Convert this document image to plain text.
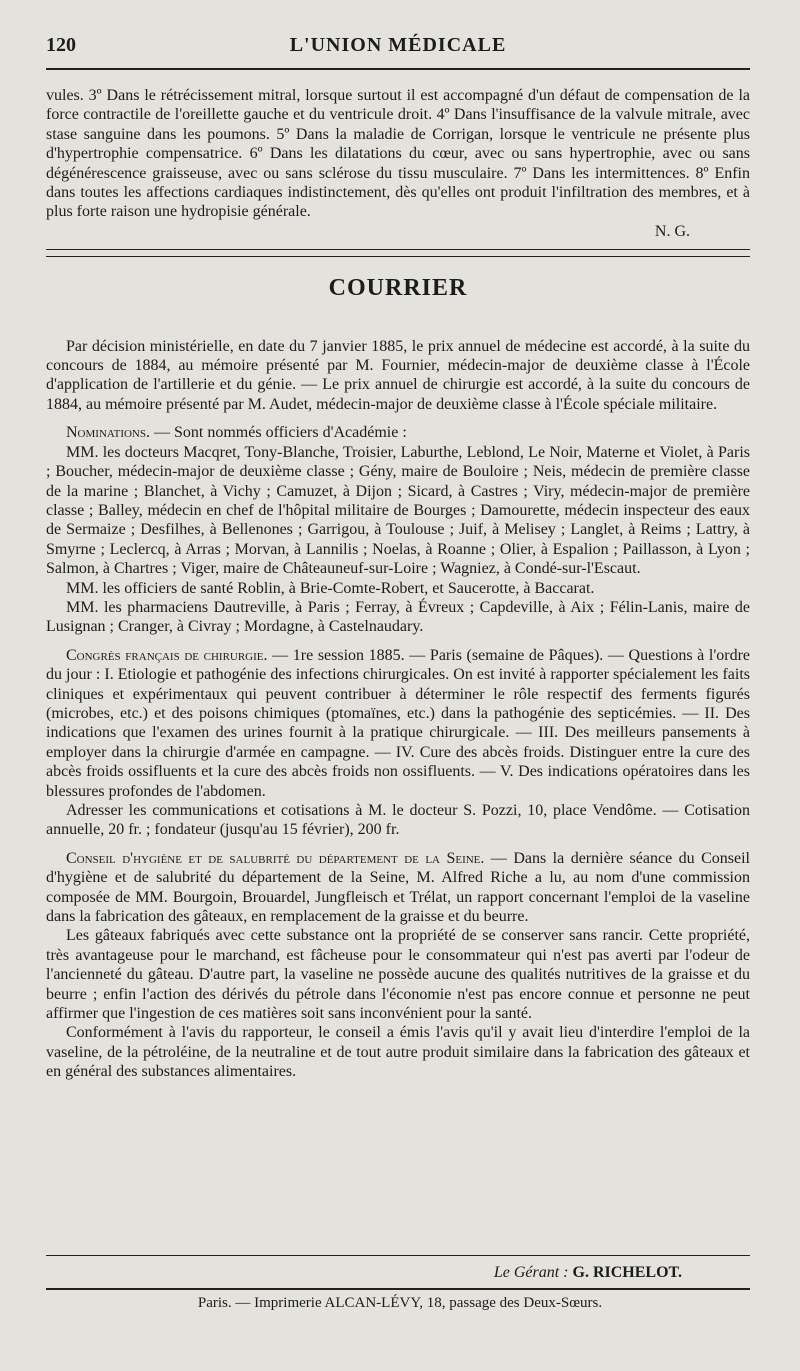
120	L'UNION MÉDICALE

vules. 3º Dans le rétrécissement mitral, lorsque surtout il est accompagné d'un défaut de compensation de la force contractile de l'oreillette gauche et du ventricule droit. 4º Dans l'insuffisance de la valvule mitrale, avec stase sanguine dans les poumons. 5º Dans la maladie de Corrigan, lorsque le ventricule ne présente plus d'hypertrophie compensatrice. 6º Dans les dilatations du cœur, avec ou sans hypertrophie, avec ou sans dégénérescence graisseuse, avec ou sans sclérose du tissu musculaire. 7º Dans les intermittences. 8º Enfin dans toutes les affections cardiaques indistinctement, dès qu'elles ont produit l'infiltration des membres, et à plus forte raison une hydropisie générale.

N. G.

COURRIER

Par décision ministérielle, en date du 7 janvier 1885, le prix annuel de médecine est accordé, à la suite du concours de 1884, au mémoire présenté par M. Fournier, médecin-major de deuxième classe à l'École d'application de l'artillerie et du génie. — Le prix annuel de chirurgie est accordé, à la suite du concours de 1884, au mémoire présenté par M. Audet, médecin-major de deuxième classe à l'École spéciale militaire.

Nominations. — Sont nommés officiers d'Académie :

MM. les docteurs Macqret, Tony-Blanche, Troisier, Laburthe, Leblond, Le Noir, Materne et Violet, à Paris ; Boucher, médecin-major de deuxième classe ; Gény, maire de Bouloire ; Neis, médecin de première classe de la marine ; Blanchet, à Vichy ; Camuzet, à Dijon ; Sicard, à Castres ; Viry, médecin-major de première classe ; Balley, médecin en chef de l'hôpital militaire de Bourges ; Damourette, médecin inspecteur des eaux de Sermaize ; Desfilhes, à Bellenones ; Garrigou, à Toulouse ; Juif, à Melisey ; Langlet, à Reims ; Lattry, à Smyrne ; Leclercq, à Arras ; Morvan, à Lannilis ; Noelas, à Roanne ; Olier, à Espalion ; Paillasson, à Lyon ; Salmon, à Chartres ; Viger, maire de Châteauneuf-sur-Loire ; Wagniez, à Condé-sur-l'Escaut.

MM. les officiers de santé Roblin, à Brie-Comte-Robert, et Saucerotte, à Baccarat.

MM. les pharmaciens Dautreville, à Paris ; Ferray, à Évreux ; Capdeville, à Aix ; Félin-Lanis, maire de Lusignan ; Cranger, à Civray ; Mordagne, à Castelnaudary.

Congrès français de chirurgie. — 1re session 1885. — Paris (semaine de Pâques). — Questions à l'ordre du jour : I. Etiologie et pathogénie des infections chirurgicales. On est invité à rapporter spécialement les faits cliniques et expérimentaux qui peuvent contribuer à déterminer le rôle respectif des ferments figurés (microbes, etc.) et des poisons chimiques (ptomaïnes, etc.) dans la pathogénie des septicémies. — II. Des indications que l'examen des urines fournit à la pratique chirurgicale. — III. Des meilleurs pansements à employer dans la chirurgie d'armée en campagne. — IV. Cure des abcès froids. Distinguer entre la cure des abcès froids ossifluents et la cure des abcès froids non ossifluents. — V. Des indications opératoires dans les blessures profondes de l'abdomen.

Adresser les communications et cotisations à M. le docteur S. Pozzi, 10, place Vendôme. — Cotisation annuelle, 20 fr. ; fondateur (jusqu'au 15 février), 200 fr.

Conseil d'hygiène et de salubrité du département de la Seine. — Dans la dernière séance du Conseil d'hygiène et de salubrité du département de la Seine, M. Alfred Riche a lu, au nom d'une commission composée de MM. Bourgoin, Brouardel, Jungfleisch et Trélat, un rapport concernant l'emploi de la vaseline dans la fabrication des gâteaux, en remplacement de la graisse et du beurre.

Les gâteaux fabriqués avec cette substance ont la propriété de se conserver sans rancir. Cette propriété, très avantageuse pour le marchand, est fâcheuse pour le consommateur qui n'est pas averti par l'odeur de l'ancienneté du gâteau. D'autre part, la vaseline ne possède aucune des qualités nutritives de la graisse et du beurre ; enfin l'action des dérivés du pétrole dans l'économie n'est pas encore connue et personne ne peut affirmer que l'ingestion de ces matières soit sans inconvénient pour la santé.

Conformément à l'avis du rapporteur, le conseil a émis l'avis qu'il y avait lieu d'interdire l'emploi de la vaseline, de la pétroléine, de la neutraline et de tout autre produit similaire dans la fabrication des gâteaux et en général des substances alimentaires.

Le Gérant : G. RICHELOT.
Paris. — Imprimerie ALCAN-LÉVY, 18, passage des Deux-Sœurs.
